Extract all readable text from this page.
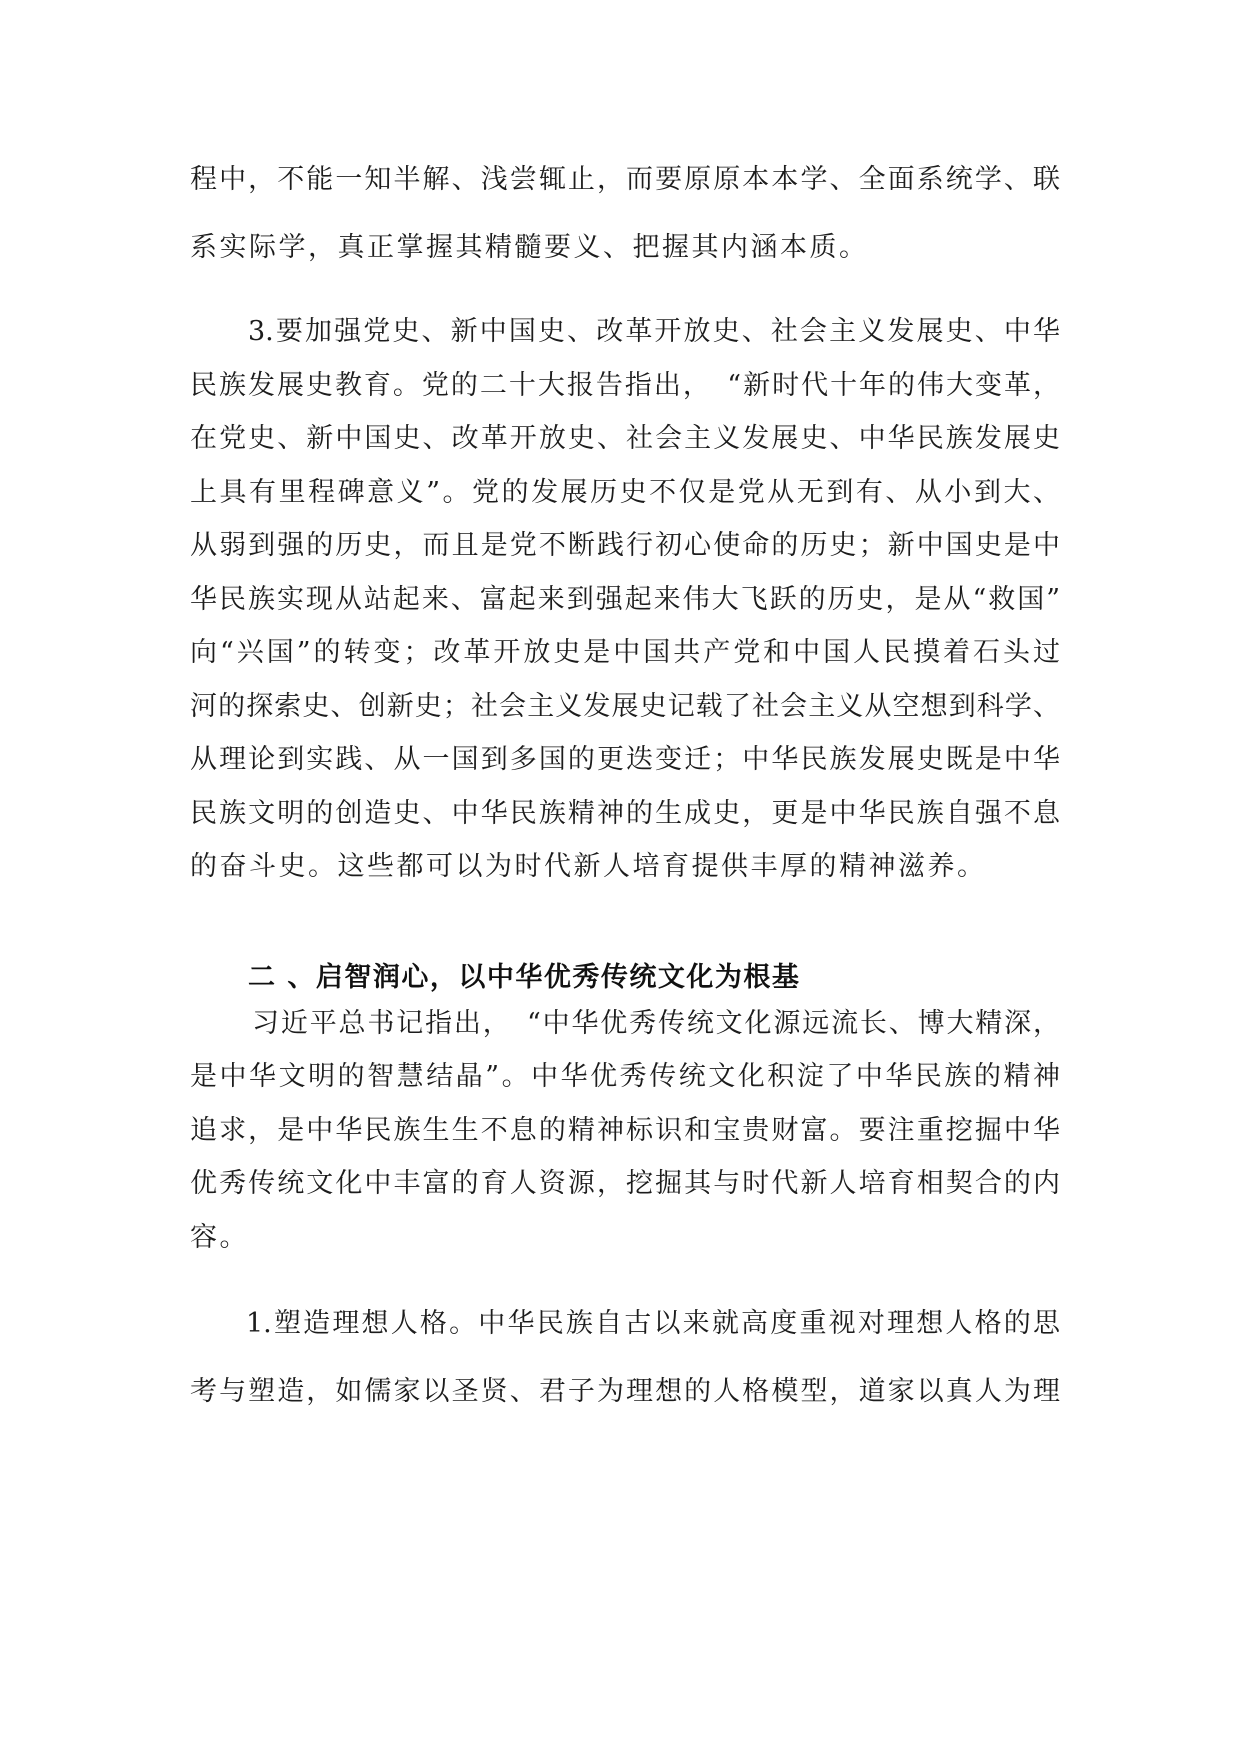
程中，不能一知半解、浅尝辄止，而要原原本本学、全面系统学、联

系实际学，真正掌握其精髓要义、把握其内涵本质。

3.要加强党史、新中国史、改革开放史、社会主义发展史、中华

民族发展史教育。党的二十大报告指出，　“新时代十年的伟大变革，

在党史、新中国史、改革开放史、社会主义发展史、中华民族发展史

上具有里程碑意义”。党的发展历史不仅是党从无到有、从小到大、

从弱到强的历史，而且是党不断践行初心使命的历史；新中国史是中

华民族实现从站起来、富起来到强起来伟大飞跃的历史，是从“救国”

向“兴国”的转变；改革开放史是中国共产党和中国人民摸着石头过

河的探索史、创新史；社会主义发展史记载了社会主义从空想到科学、

从理论到实践、从一国到多国的更迭变迁；中华民族发展史既是中华

民族文明的创造史、中华民族精神的生成史，更是中华民族自强不息

的奋斗史。这些都可以为时代新人培育提供丰厚的精神滋养。

二 、启智润心，以中华优秀传统文化为根基

习近平总书记指出，　“中华优秀传统文化源远流长、博大精深，

是中华文明的智慧结晶”。中华优秀传统文化积淀了中华民族的精神

追求，是中华民族生生不息的精神标识和宝贵财富。要注重挖掘中华

优秀传统文化中丰富的育人资源，挖掘其与时代新人培育相契合的内

容。

1.塑造理想人格。中华民族自古以来就高度重视对理想人格的思

考与塑造，如儒家以圣贤、君子为理想的人格模型，道家以真人为理
